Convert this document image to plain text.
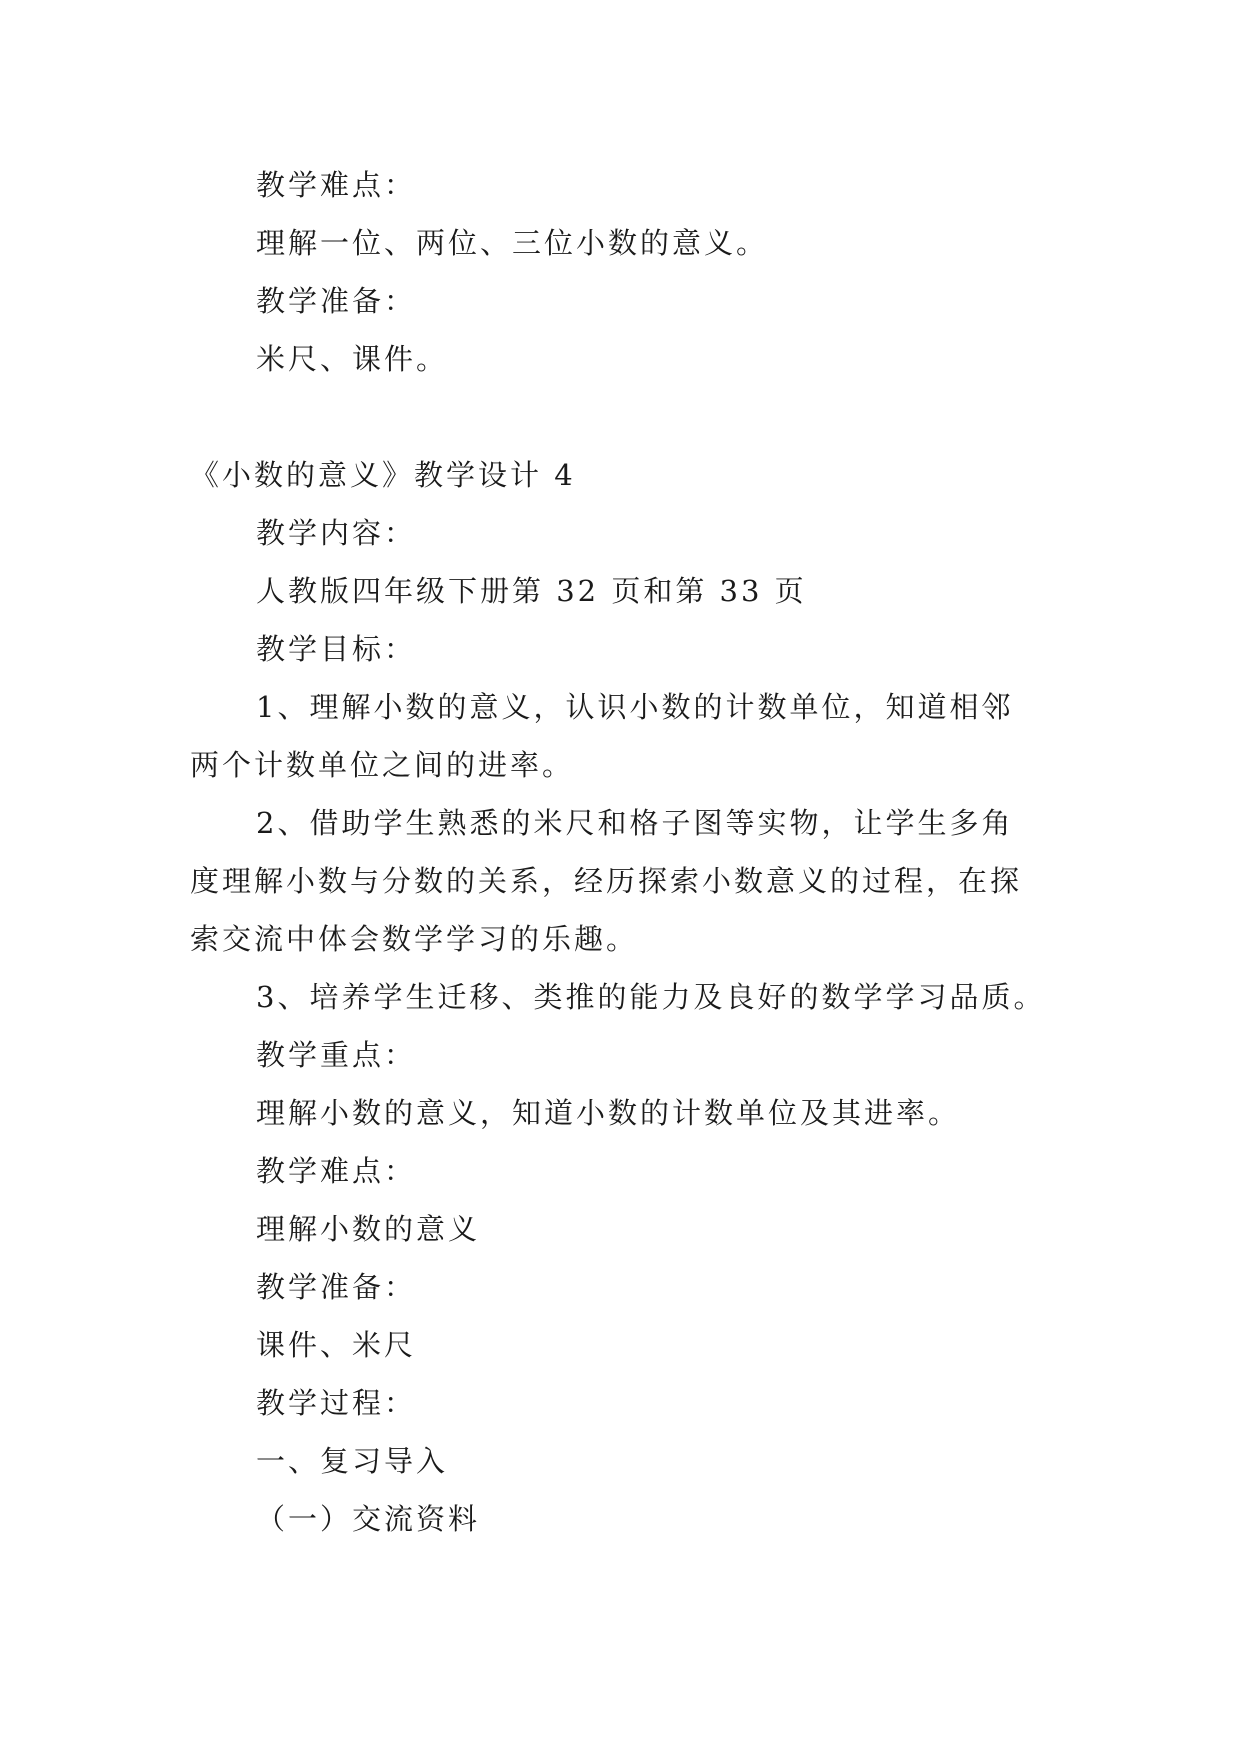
教学难点：
理解一位、两位、三位小数的意义。
教学准备：
米尺、课件。
《小数的意义》教学设计 4
教学内容：
人教版四年级下册第 32 页和第 33 页
教学目标：
1、理解小数的意义，认识小数的计数单位，知道相邻
两个计数单位之间的进率。
2、借助学生熟悉的米尺和格子图等实物，让学生多角
度理解小数与分数的关系，经历探索小数意义的过程，在探
索交流中体会数学学习的乐趣。
3、培养学生迁移、类推的能力及良好的数学学习品质。
教学重点：
理解小数的意义，知道小数的计数单位及其进率。
教学难点：
理解小数的意义
教学准备：
课件、米尺
教学过程：
一、复习导入
（一）交流资料
